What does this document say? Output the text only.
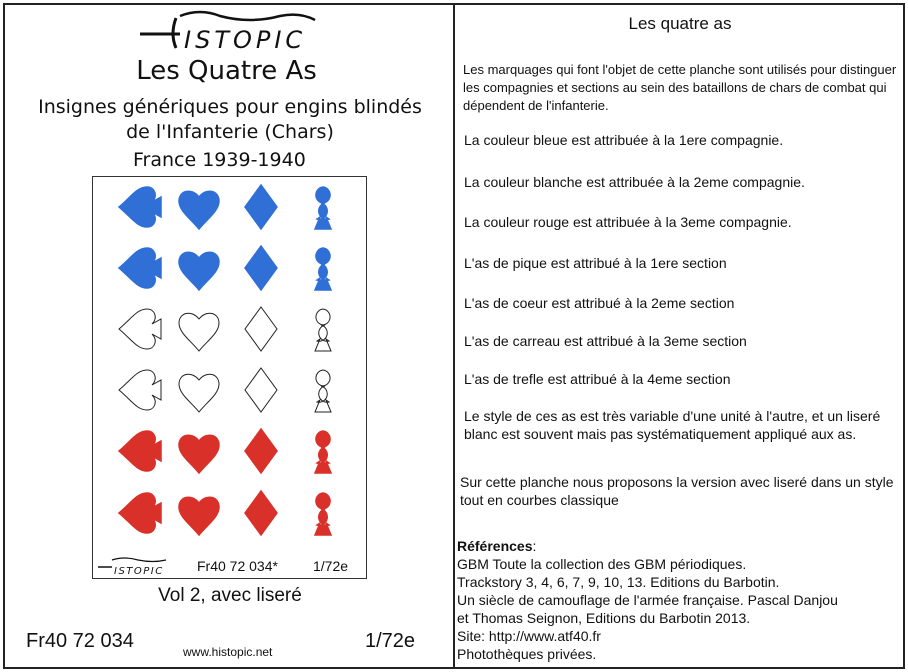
ISTOPIC
Les Quatre As
Insignes génériques pour engins blindés
de l'Infanterie (Chars)
France 1939-1940
ISTOPIC Fr40 72 034*	1/72e
Vol 2, avec liseré
Fr40 72 034	www.histopic.net	1/72e
Les quatre as
Les marquages qui font l'objet de cette planche sont utilisés pour distinguer les compagnies et sections au sein des bataillons de chars de combat qui dépendent de l'infanterie.
La couleur bleue est attribuée à la 1ere compagnie.
La couleur blanche est attribuée à la 2eme compagnie.
La couleur rouge est attribuée à la 3eme compagnie.
L'as de pique est attribué à la 1ere section
L'as de coeur est attribué à la 2eme section
L'as de carreau est attribué à la 3eme section
L'as de trefle est attribué à la 4eme section
Le style de ces as est très variable d'une unité à l'autre, et un liseré blanc est souvent mais pas systématiquement appliqué aux as.
Sur cette planche nous proposons la version avec liseré dans un style tout en courbes classique
Références:
GBM Toute la collection des GBM périodiques.
Trackstory 3, 4, 6, 7, 9, 10, 13. Editions du Barbotin.
Un siècle de camouflage de l'armée française. Pascal Danjou
et Thomas Seignon, Editions du Barbotin 2013.
Site: http://www.atf40.fr
Photothèques privées.
